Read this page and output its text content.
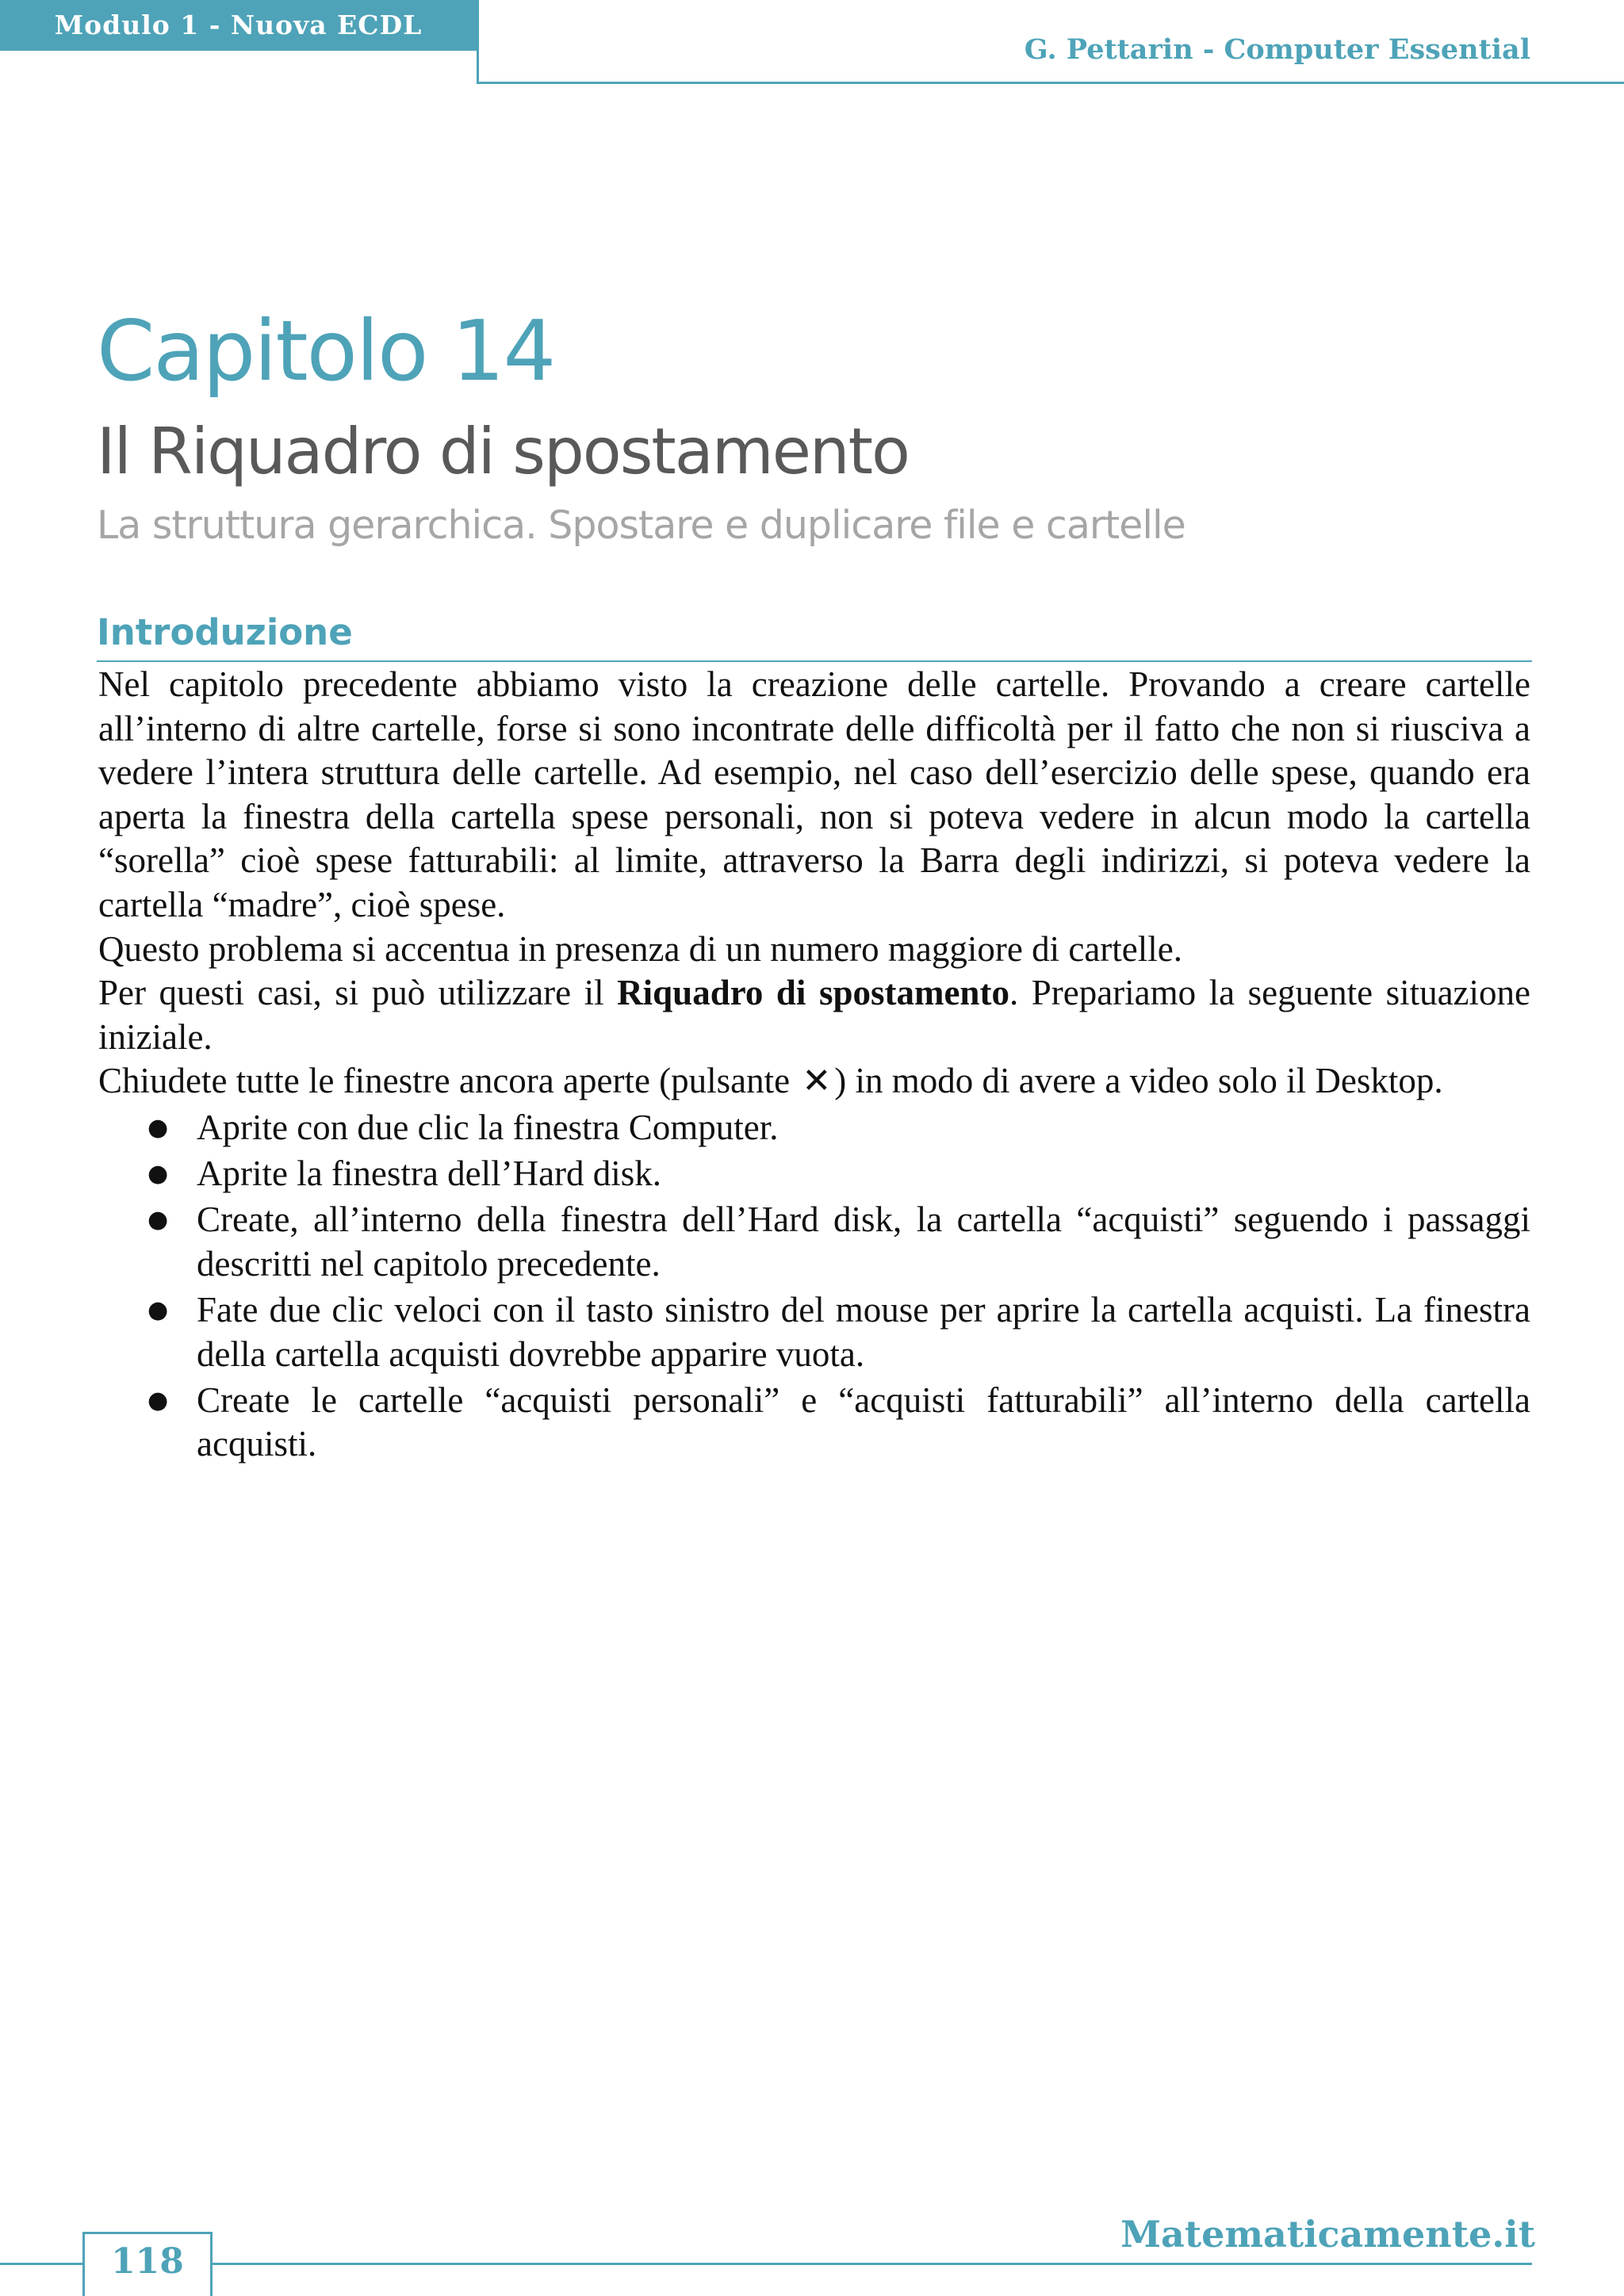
Modulo 1 - Nuova ECDL
G. Pettarin - Computer Essential
Capitolo 14
Il Riquadro di spostamento
La struttura gerarchica. Spostare e duplicare file e cartelle
Introduzione

Nel capitolo precedente abbiamo visto la creazione delle cartelle. Provando a creare cartelle all’interno di altre cartelle, forse si sono incontrate delle difficoltà per il fatto che non si riusciva a vedere l’intera struttura delle cartelle. Ad esempio, nel caso dell’esercizio delle spese, quando era aperta la finestra della cartella spese personali, non si poteva vedere in alcun modo la cartella “sorella” cioè spese fatturabili: al limite, attraverso la Barra degli indirizzi, si poteva vedere la cartella “madre”, cioè spese.

Questo problema si accentua in presenza di un numero maggiore di cartelle.

Per questi casi, si può utilizzare il Riquadro di spostamento. Prepariamo la seguente situazione iniziale.

Chiudete tutte le finestre ancora aperte (pulsante ✕) in modo di avere a video solo il Desktop.

● Aprite con due clic la finestra Computer.
● Aprite la finestra dell’Hard disk.
● Create, all’interno della finestra dell’Hard disk, la cartella “acquisti” seguendo i passaggi descritti nel capitolo precedente.
● Fate due clic veloci con il tasto sinistro del mouse per aprire la cartella acquisti. La finestra della cartella acquisti dovrebbe apparire vuota.
● Create le cartelle “acquisti personali” e “acquisti fatturabili” all’interno della cartella acquisti.
Matematicamente.it
118
